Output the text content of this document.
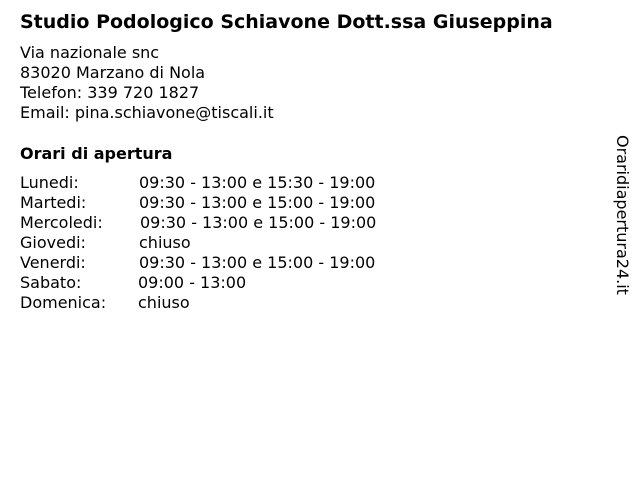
Studio Podologico Schiavone Dott.ssa Giuseppina
Via nazionale snc
83020 Marzano di Nola
Telefon: 339 720 1827
Email: pina.schiavone@tiscali.it
Orari di apertura
Lunedi:	09:30 - 13:00 e 15:30 - 19:00
Martedi:	09:30 - 13:00 e 15:00 - 19:00
Mercoledi: 09:30 - 13:00 e 15:00 - 19:00
Giovedi:	chiuso
Venerdi:	09:30 - 13:00 e 15:00 - 19:00
Sabato:	09:00 - 13:00
Domenica: chiuso
Oraridiapertura24.it
